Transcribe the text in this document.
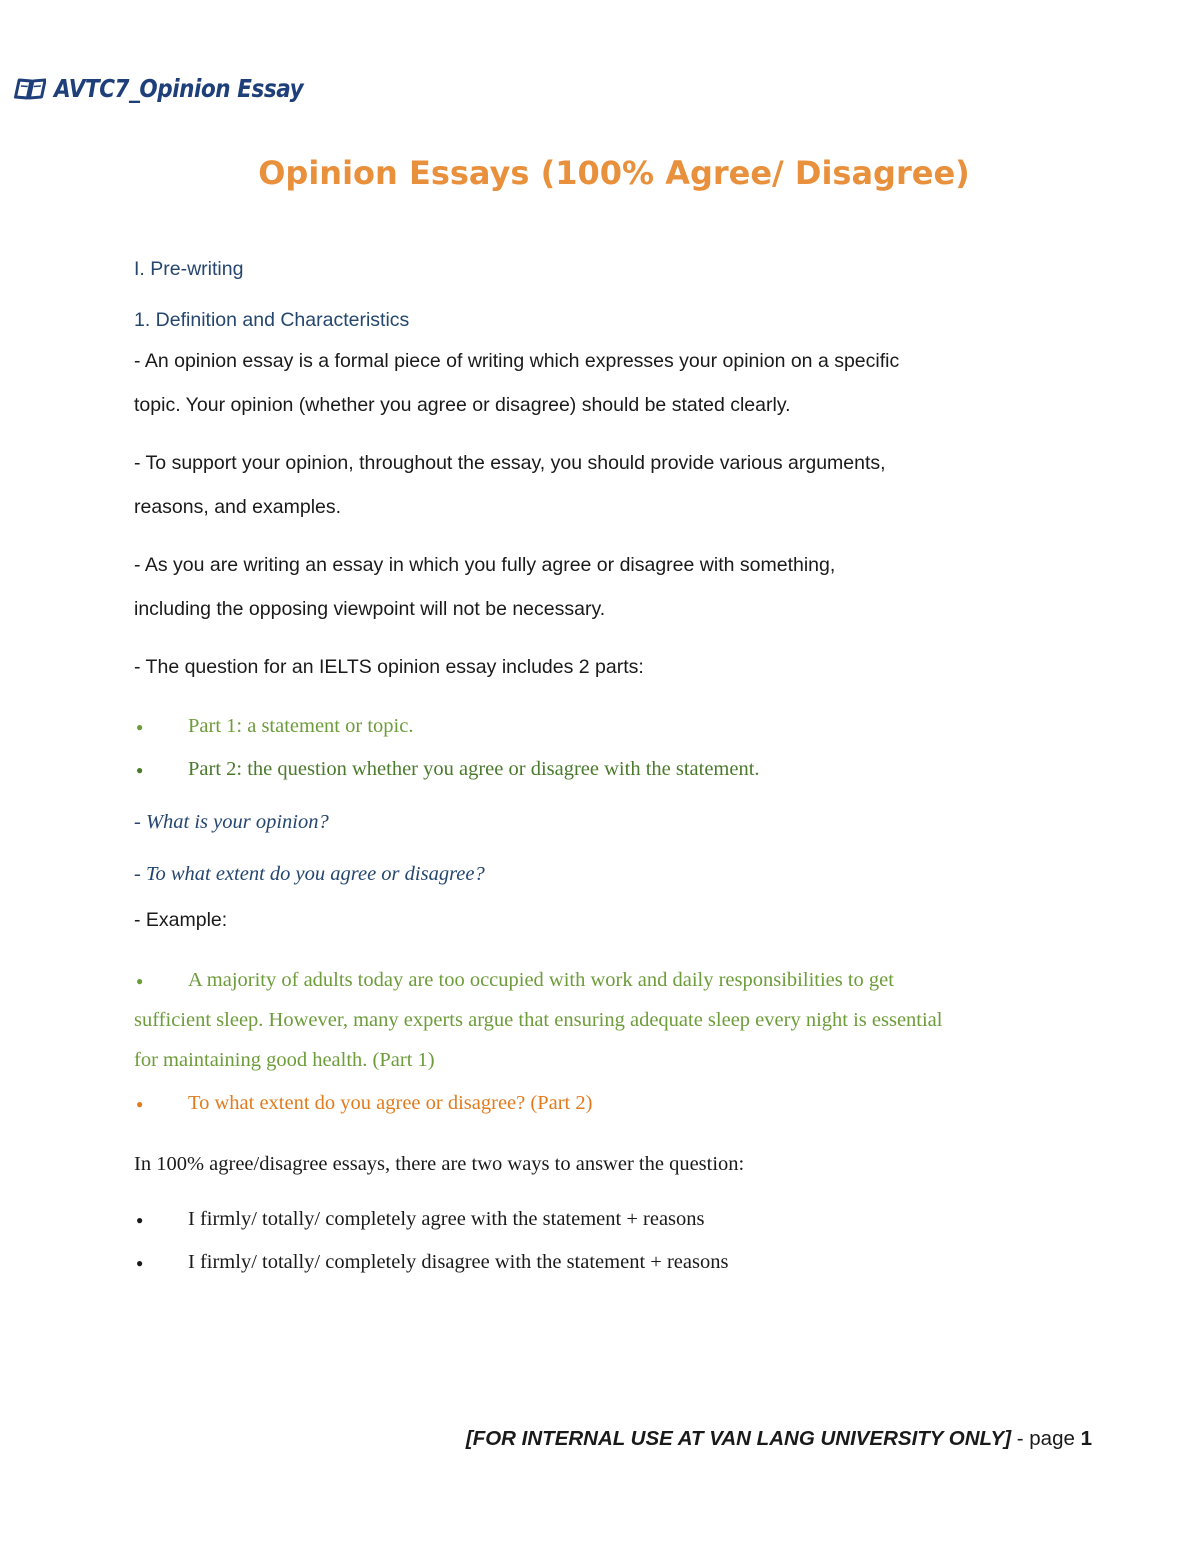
AVTC7_Opinion Essay
Opinion Essays (100% Agree/ Disagree)
I. Pre-writing
1. Definition and Characteristics
- An opinion essay is a formal piece of writing which expresses your opinion on a specific
topic. Your opinion (whether you agree or disagree) should be stated clearly.
- To support your opinion, throughout the essay, you should provide various arguments,
reasons, and examples.
- As you are writing an essay in which you fully agree or disagree with something,
including the opposing viewpoint will not be necessary.
- The question for an IELTS opinion essay includes 2 parts:
● Part 1: a statement or topic.
● Part 2: the question whether you agree or disagree with the statement.
- What is your opinion?
- To what extent do you agree or disagree?
- Example:
● A majority of adults today are too occupied with work and daily responsibilities to get
sufficient sleep. However, many experts argue that ensuring adequate sleep every night is essential
for maintaining good health. (Part 1)
● To what extent do you agree or disagree? (Part 2)
In 100% agree/disagree essays, there are two ways to answer the question:
● I firmly/ totally/ completely agree with the statement + reasons
● I firmly/ totally/ completely disagree with the statement + reasons
[FOR INTERNAL USE AT VAN LANG UNIVERSITY ONLY] - page 1
